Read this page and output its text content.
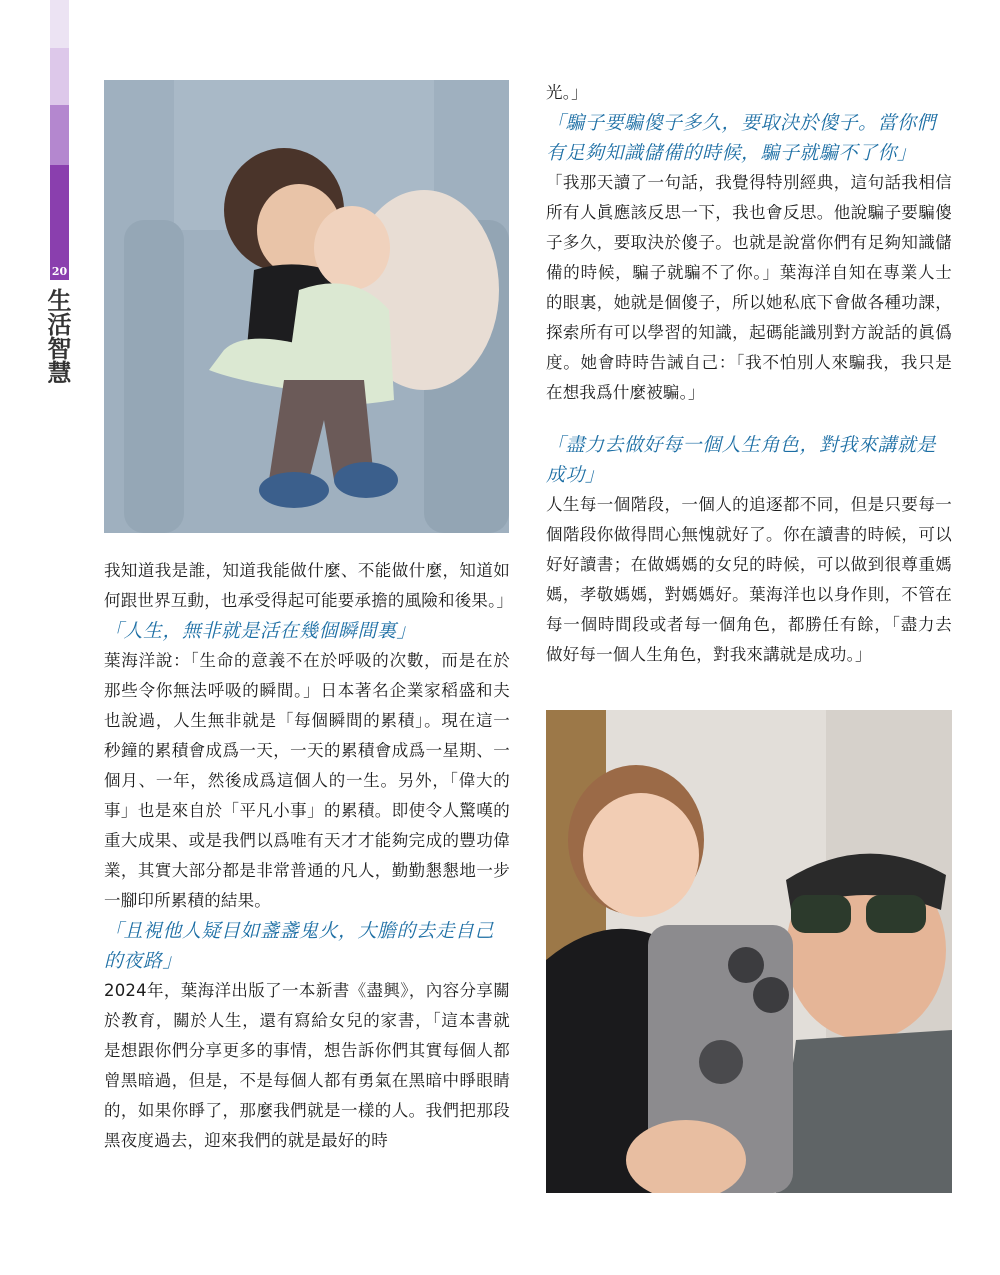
20
生活智慧

我知道我是誰，知道我能做什麼、不能做什麼，知道如何跟世界互動，也承受得起可能要承擔的風險和後果。」

「人生，無非就是活在幾個瞬間裏」

葉海洋說：「生命的意義不在於呼吸的次數，而是在於那些令你無法呼吸的瞬間。」日本著名企業家稻盛和夫也說過，人生無非就是「每個瞬間的累積」。現在這一秒鐘的累積會成爲一天，一天的累積會成爲一星期、一個月、一年，然後成爲這個人的一生。另外，「偉大的事」也是來自於「平凡小事」的累積。即使令人驚嘆的重大成果、或是我們以爲唯有天才才能夠完成的豐功偉業，其實大部分都是非常普通的凡人，勤勤懇懇地一步一腳印所累積的結果。

「且視他人疑目如盞盞鬼火，大膽的去走自己的夜路」

2024年，葉海洋出版了一本新書《盡興》，內容分享關於教育，關於人生，還有寫給女兒的家書，「這本書就是想跟你們分享更多的事情，想告訴你們其實每個人都曾黑暗過，但是，不是每個人都有勇氣在黑暗中睜眼睛的，如果你睜了，那麼我們就是一樣的人。我們把那段黑夜度過去，迎來我們的就是最好的時

光。」

「騙子要騙傻子多久，要取決於傻子。當你們有足夠知識儲備的時候，騙子就騙不了你」

「我那天讀了一句話，我覺得特別經典，這句話我相信所有人眞應該反思一下，我也會反思。他說騙子要騙傻子多久，要取決於傻子。也就是說當你們有足夠知識儲備的時候，騙子就騙不了你。」葉海洋自知在專業人士的眼裏，她就是個傻子，所以她私底下會做各種功課，探索所有可以學習的知識，起碼能識別對方說話的眞僞度。她會時時告誡自己：「我不怕別人來騙我，我只是在想我爲什麼被騙。」

「盡力去做好每一個人生角色，對我來講就是成功」

人生每一個階段，一個人的追逐都不同，但是只要每一個階段你做得問心無愧就好了。你在讀書的時候，可以好好讀書；在做媽媽的女兒的時候，可以做到很尊重媽媽，孝敬媽媽，對媽媽好。葉海洋也以身作則，不管在每一個時間段或者每一個角色，都勝任有餘，「盡力去做好每一個人生角色，對我來講就是成功。」
